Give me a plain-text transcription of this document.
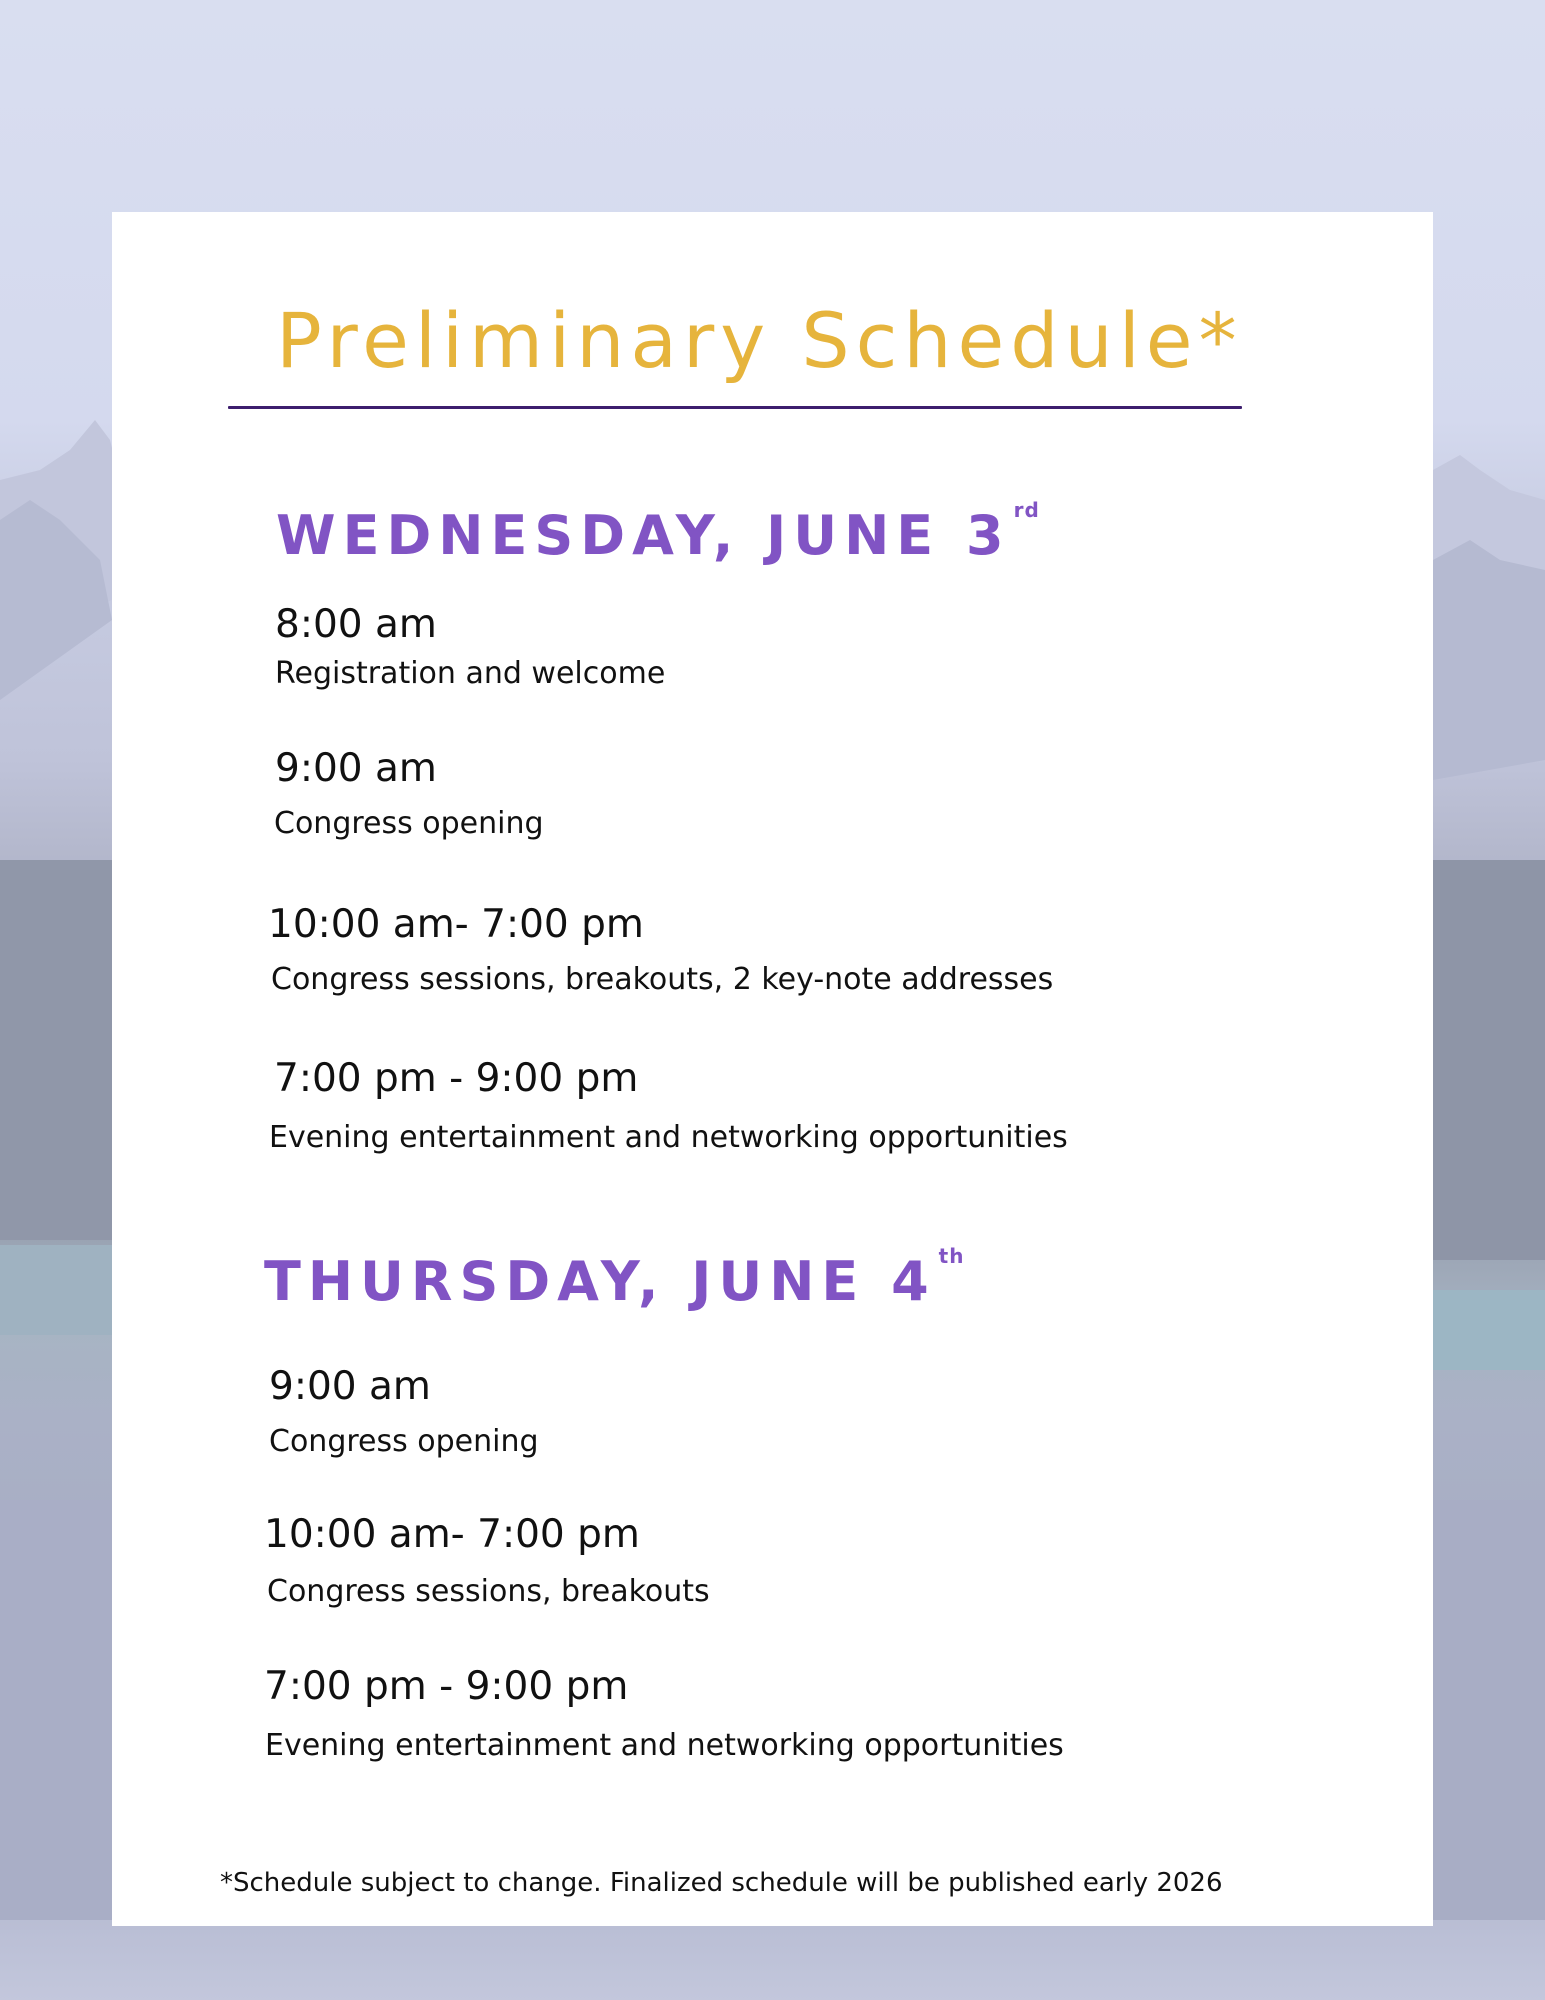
Preliminary Schedule*
WEDNESDAY, JUNE 3 $^{rd}$
8:00 am
Registration and welcome
9:00 am
Congress opening
10:00 am- 7:00 pm
Congress sessions, breakouts, 2 key-note addresses
7:00 pm - 9:00 pm
Evening entertainment and networking opportunities
THURSDAY, JUNE 4 $^{th}$
9:00 am
Congress opening
10:00 am- 7:00 pm
Congress sessions, breakouts
7:00 pm - 9:00 pm
Evening entertainment and networking opportunities
*Schedule subject to change. Finalized schedule will be published early 2026
